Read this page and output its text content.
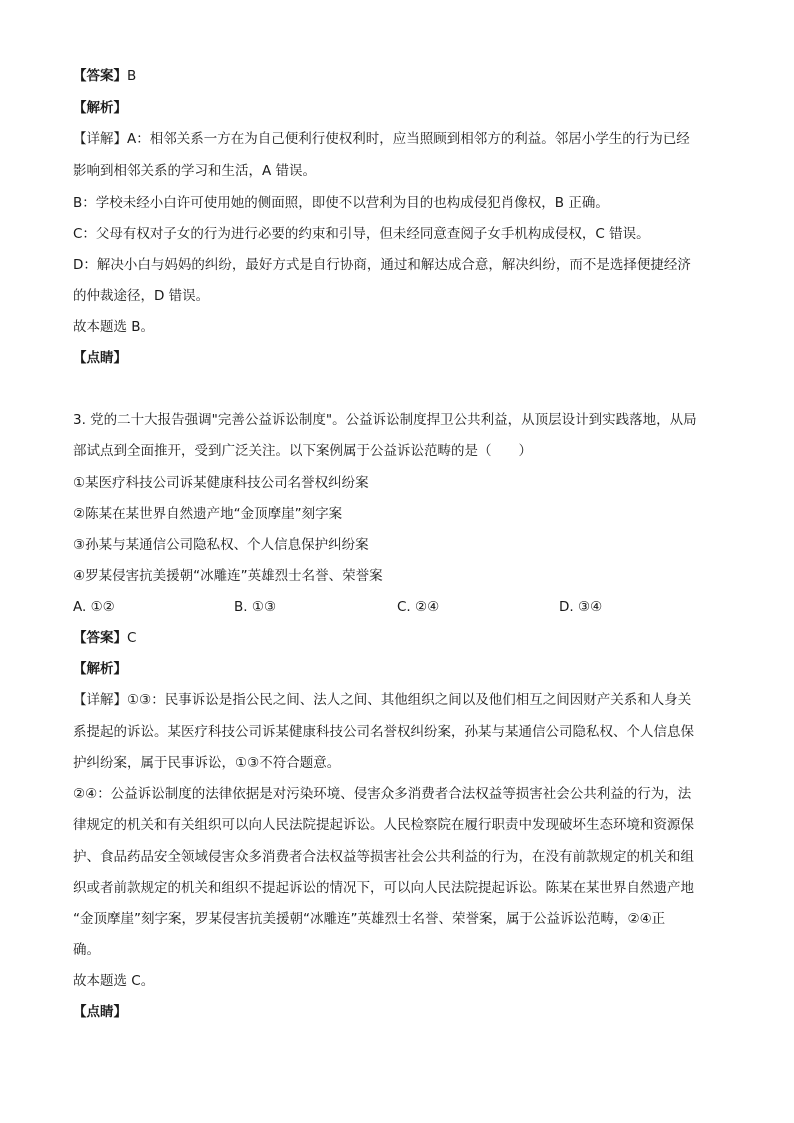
【答案】B
【解析】
【详解】A：相邻关系一方在为自己便利行使权利时，应当照顾到相邻方的利益。邻居小学生的行为已经
影响到相邻关系的学习和生活，A 错误。
B：学校未经小白许可使用她的侧面照，即使不以营利为目的也构成侵犯肖像权，B 正确。
C：父母有权对子女的行为进行必要的约束和引导，但未经同意查阅子女手机构成侵权，C 错误。
D：解决小白与妈妈的纠纷，最好方式是自行协商，通过和解达成合意，解决纠纷，而不是选择便捷经济
的仲裁途径，D 错误。
故本题选 B。
【点睛】
3. 党的二十大报告强调"完善公益诉讼制度"。公益诉讼制度捍卫公共利益，从顶层设计到实践落地，从局
部试点到全面推开，受到广泛关注。以下案例属于公益诉讼范畴的是（　　）
①某医疗科技公司诉某健康科技公司名誉权纠纷案
②陈某在某世界自然遗产地“金顶摩崖”刻字案
③孙某与某通信公司隐私权、个人信息保护纠纷案
④罗某侵害抗美援朝“冰雕连”英雄烈士名誉、荣誉案
A. ①②	B. ①③	C. ②④	D. ③④
【答案】C
【解析】
【详解】①③：民事诉讼是指公民之间、法人之间、其他组织之间以及他们相互之间因财产关系和人身关
系提起的诉讼。某医疗科技公司诉某健康科技公司名誉权纠纷案，孙某与某通信公司隐私权、个人信息保
护纠纷案，属于民事诉讼，①③不符合题意。
②④：公益诉讼制度的法律依据是对污染环境、侵害众多消费者合法权益等损害社会公共利益的行为，法
律规定的机关和有关组织可以向人民法院提起诉讼。人民检察院在履行职责中发现破坏生态环境和资源保
护、食品药品安全领域侵害众多消费者合法权益等损害社会公共利益的行为，在没有前款规定的机关和组
织或者前款规定的机关和组织不提起诉讼的情况下，可以向人民法院提起诉讼。陈某在某世界自然遗产地
“金顶摩崖”刻字案，罗某侵害抗美援朝“冰雕连”英雄烈士名誉、荣誉案，属于公益诉讼范畴，②④正
确。
故本题选 C。
【点睛】
